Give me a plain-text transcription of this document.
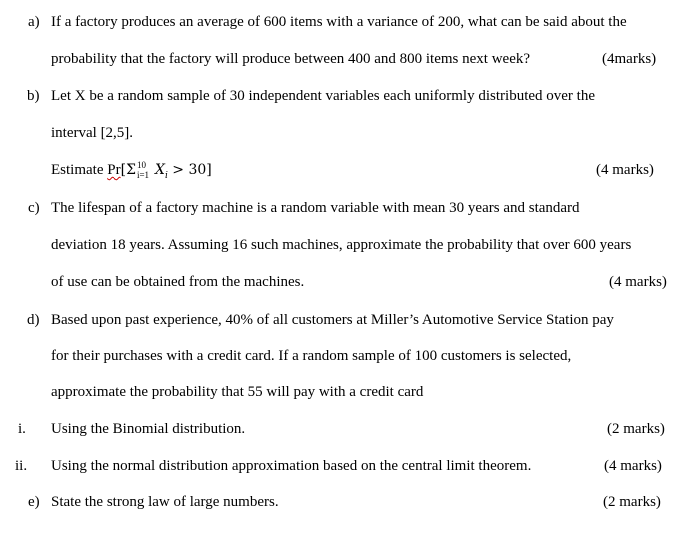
a) If a factory produces an average of 600 items with a variance of 200, what can be said about the
probability that the factory will produce between 400 and 800 items next week?	(4marks)
b) Let X be a random sample of 30 independent variables each uniformly distributed over the
interval [2,5].
Estimate Pr[Σ 10
i=1 $X_i > 30$]	(4 marks)
c) The lifespan of a factory machine is a random variable with mean 30 years and standard
deviation 18 years. Assuming 16 such machines, approximate the probability that over 600 years
of use can be obtained from the machines.	(4 marks)
d) Based upon past experience, 40% of all customers at Miller’s Automotive Service Station pay
for their purchases with a credit card. If a random sample of 100 customers is selected,
approximate the probability that 55 will pay with a credit card
i. Using the Binomial distribution.	(2 marks)
ii. Using the normal distribution approximation based on the central limit theorem.	(4 marks)
e) State the strong law of large numbers.	(2 marks)
